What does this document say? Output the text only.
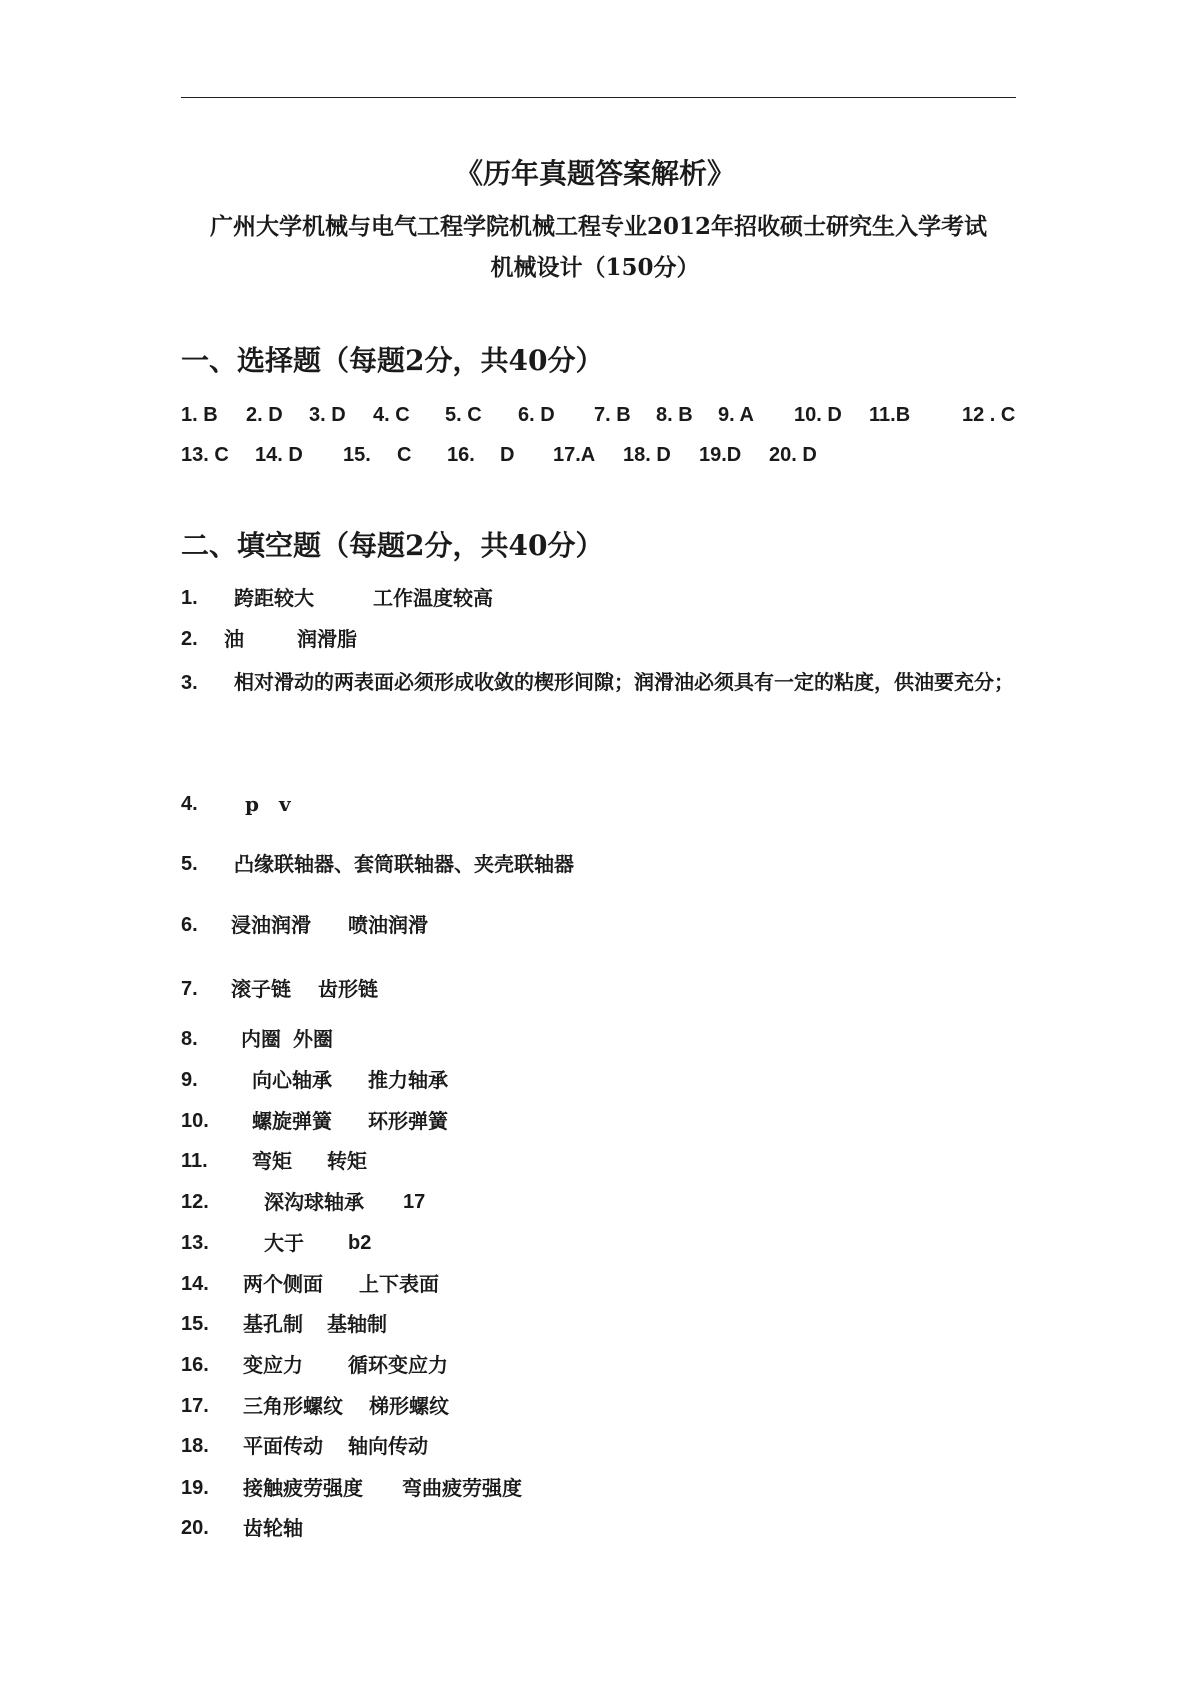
《历年真题答案解析》
广州大学机械与电气工程学院机械工程专业2012年招收硕士研究生入学考试
机械设计（150分）
一、选择题（每题2分，共40分）
1. B 2. D 3. D 4. C 5. C 6. D 7. B 8. B 9. A 10. D 11.B	12 . C
13. C 14. D 15. C 16. D 17.A 18. D 19.D 20. D
二、填空题（每题2分，共40分）
1. 跨距较大	工作温度较高
2. 油	润滑脂
3. 相对滑动的两表面必须形成收敛的楔形间隙；润滑油必须具有一定的粘度，供油要充分；
4. p v
5. 凸缘联轴器、套筒联轴器、夹壳联轴器
6. 浸油润滑 喷油润滑
7. 滚子链 齿形链
8. 内圈 外圈
9.	向心轴承 推力轴承
10. 螺旋弹簧 环形弹簧
11. 弯矩 转矩
12.	深沟球轴承 17
13.	大于 b2
14. 两个侧面 上下表面
15. 基孔制 基轴制
16. 变应力 循环变应力
17. 三角形螺纹 梯形螺纹
18. 平面传动 轴向传动
19. 接触疲劳强度 弯曲疲劳强度
20. 齿轮轴
